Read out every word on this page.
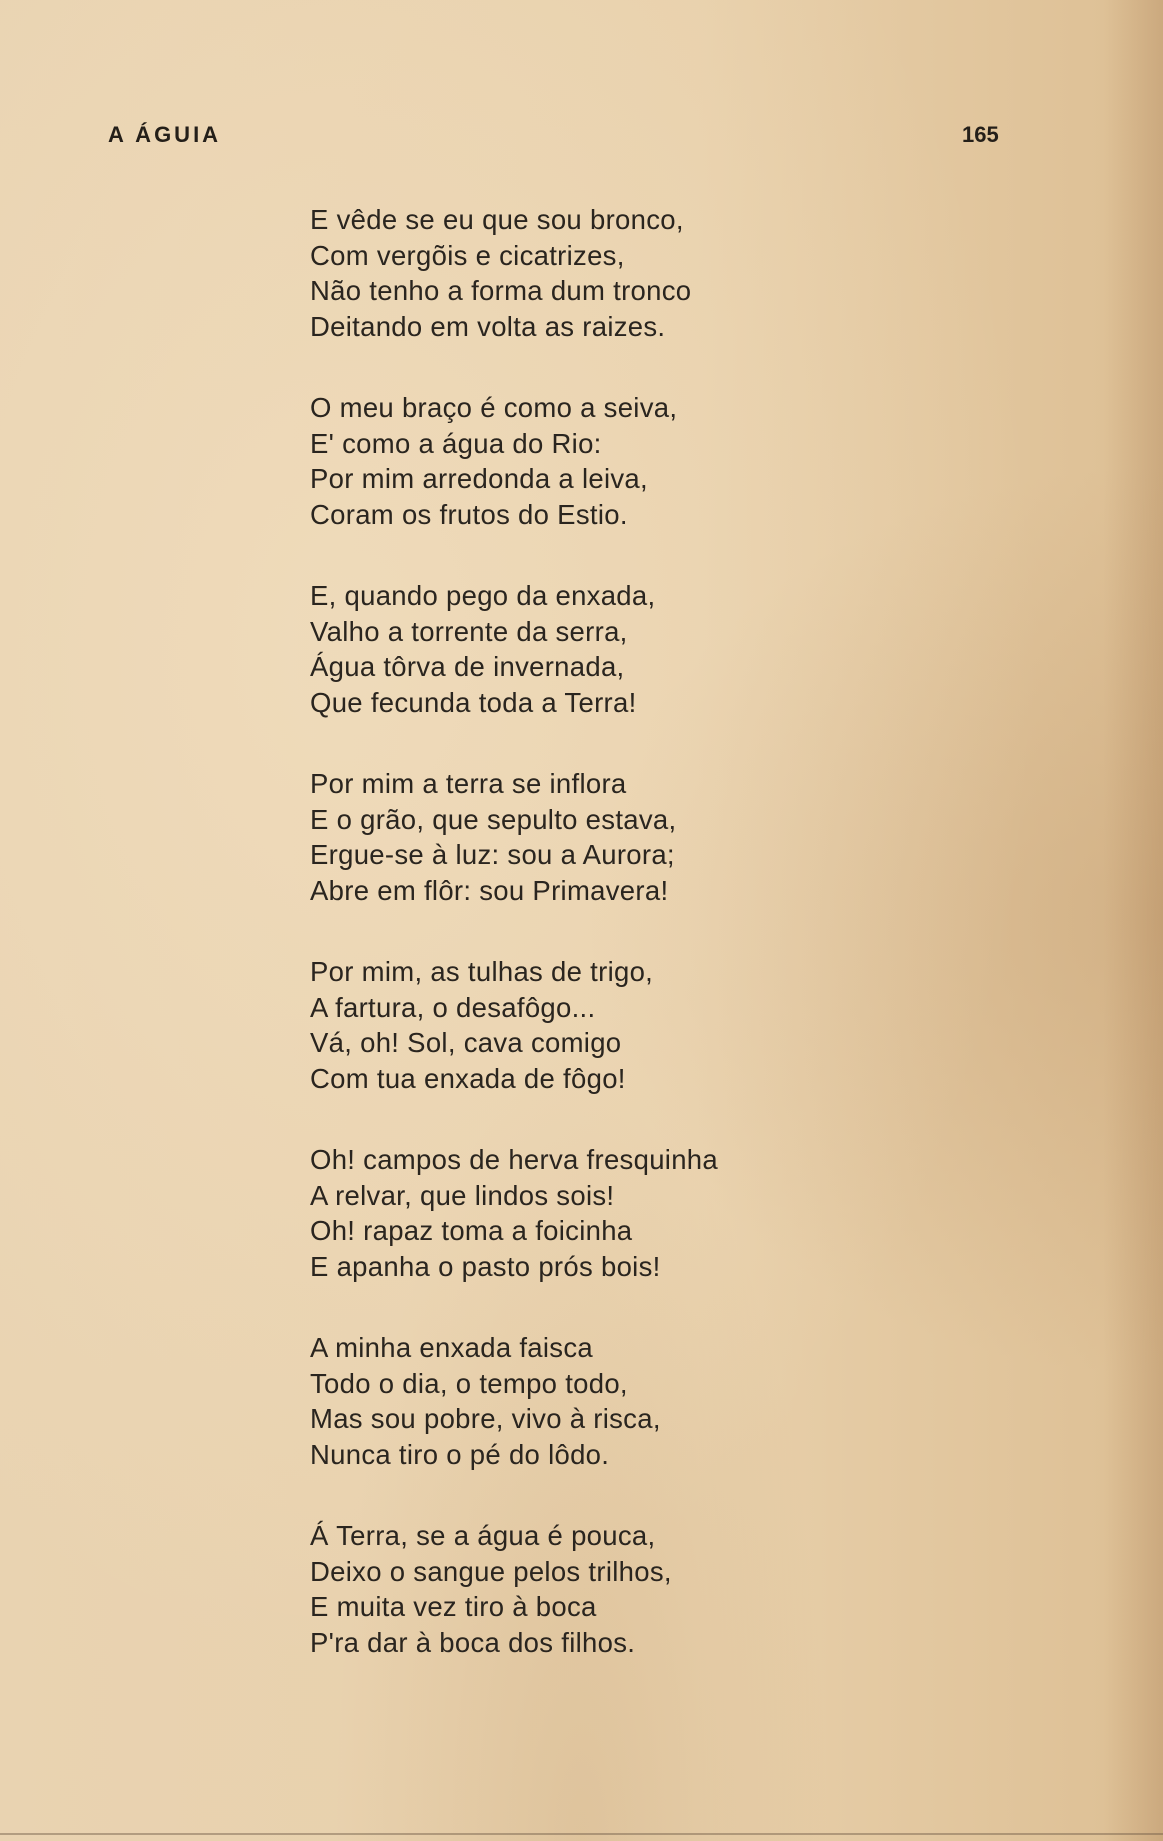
A ÁGUIA	165
E vêde se eu que sou bronco,
Com vergõis e cicatrizes,
Não tenho a forma dum tronco
Deitando em volta as raizes.
O meu braço é como a seiva,
E' como a água do Rio:
Por mim arredonda a leiva,
Coram os frutos do Estio.
E, quando pego da enxada,
Valho a torrente da serra,
Água tôrva de invernada,
Que fecunda toda a Terra!
Por mim a terra se inflora
E o grão, que sepulto estava,
Ergue-se à luz: sou a Aurora;
Abre em flôr: sou Primavera!
Por mim, as tulhas de trigo,
A fartura, o desafôgo...
Vá, oh! Sol, cava comigo
Com tua enxada de fôgo!
Oh! campos de herva fresquinha
A relvar, que lindos sois!
Oh! rapaz toma a foicinha
E apanha o pasto prós bois!
A minha enxada faisca
Todo o dia, o tempo todo,
Mas sou pobre, vivo à risca,
Nunca tiro o pé do lôdo.
Á Terra, se a água é pouca,
Deixo o sangue pelos trilhos,
E muita vez tiro à boca
P'ra dar à boca dos filhos.
